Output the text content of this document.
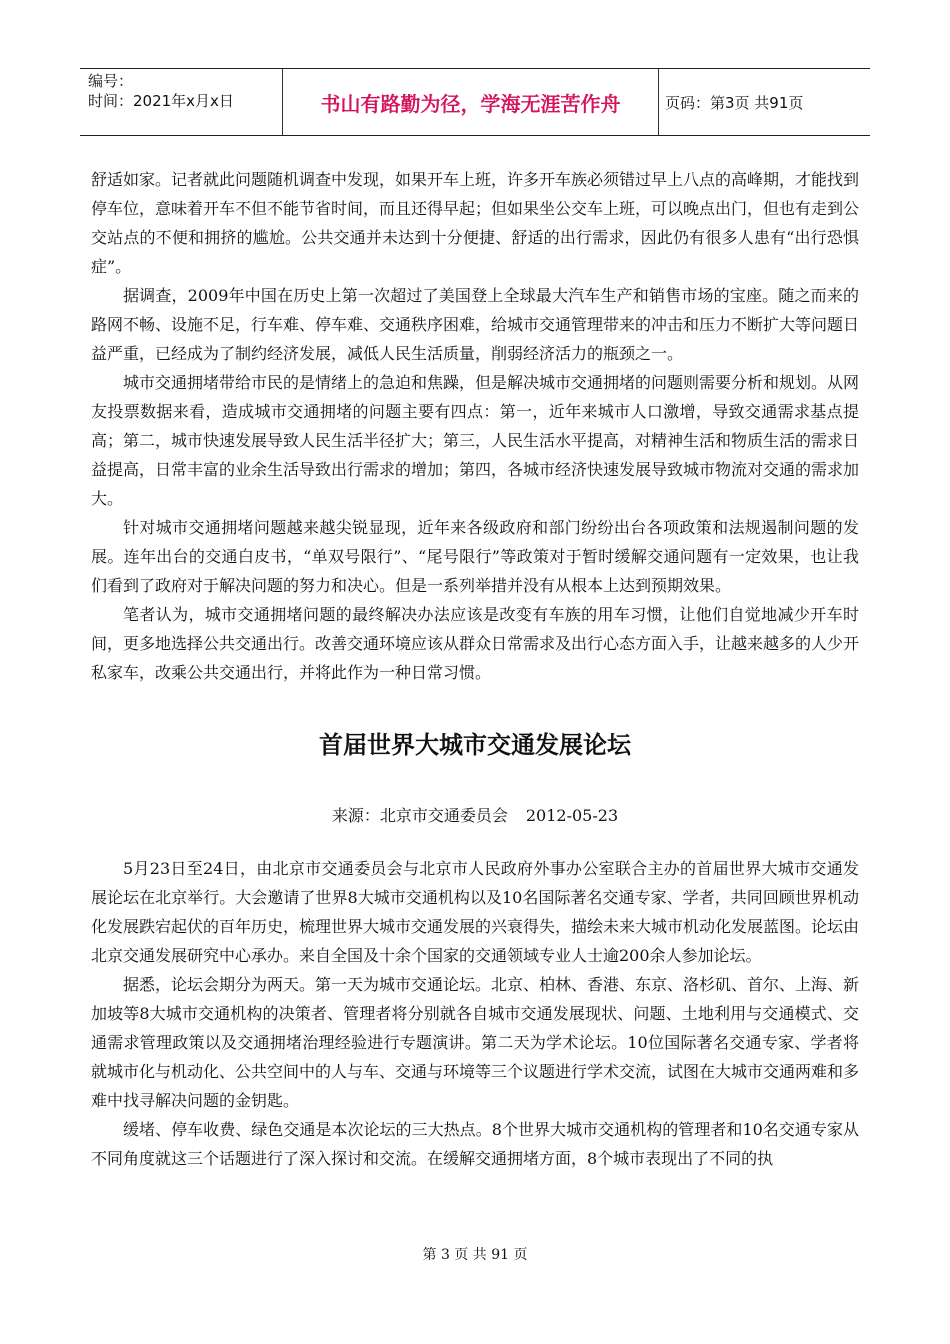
编号：
时间：2021年x月x日	书山有路勤为径，学海无涯苦作舟	页码：第3页 共91页

舒适如家。记者就此问题随机调查中发现，如果开车上班，许多开车族必须错过早上八点的高峰期，才能找到停车位，意味着开车不但不能节省时间，而且还得早起；但如果坐公交车上班，可以晚点出门，但也有走到公交站点的不便和拥挤的尴尬。公共交通并未达到十分便捷、舒适的出行需求，因此仍有很多人患有“出行恐惧症”。

据调查，2009年中国在历史上第一次超过了美国登上全球最大汽车生产和销售市场的宝座。随之而来的路网不畅、设施不足，行车难、停车难、交通秩序困难，给城市交通管理带来的冲击和压力不断扩大等问题日益严重，已经成为了制约经济发展，减低人民生活质量，削弱经济活力的瓶颈之一。

城市交通拥堵带给市民的是情绪上的急迫和焦躁，但是解决城市交通拥堵的问题则需要分析和规划。从网友投票数据来看，造成城市交通拥堵的问题主要有四点：第一，近年来城市人口激增，导致交通需求基点提高；第二，城市快速发展导致人民生活半径扩大；第三，人民生活水平提高，对精神生活和物质生活的需求日益提高，日常丰富的业余生活导致出行需求的增加；第四，各城市经济快速发展导致城市物流对交通的需求加大。

针对城市交通拥堵问题越来越尖锐显现，近年来各级政府和部门纷纷出台各项政策和法规遏制问题的发展。连年出台的交通白皮书，“单双号限行”、“尾号限行”等政策对于暂时缓解交通问题有一定效果，也让我们看到了政府对于解决问题的努力和决心。但是一系列举措并没有从根本上达到预期效果。

笔者认为，城市交通拥堵问题的最终解决办法应该是改变有车族的用车习惯，让他们自觉地减少开车时间，更多地选择公共交通出行。改善交通环境应该从群众日常需求及出行心态方面入手，让越来越多的人少开私家车，改乘公共交通出行，并将此作为一种日常习惯。

首届世界大城市交通发展论坛

来源：北京市交通委员会 2012-05-23

5月23日至24日，由北京市交通委员会与北京市人民政府外事办公室联合主办的首届世界大城市交通发展论坛在北京举行。大会邀请了世界8大城市交通机构以及10名国际著名交通专家、学者，共同回顾世界机动化发展跌宕起伏的百年历史，梳理世界大城市交通发展的兴衰得失，描绘未来大城市机动化发展蓝图。论坛由北京交通发展研究中心承办。来自全国及十余个国家的交通领域专业人士逾200余人参加论坛。

据悉，论坛会期分为两天。第一天为城市交通论坛。北京、柏林、香港、东京、洛杉矶、首尔、上海、新加坡等8大城市交通机构的决策者、管理者将分别就各自城市交通发展现状、问题、土地利用与交通模式、交通需求管理政策以及交通拥堵治理经验进行专题演讲。第二天为学术论坛。10位国际著名交通专家、学者将就城市化与机动化、公共空间中的人与车、交通与环境等三个议题进行学术交流，试图在大城市交通两难和多难中找寻解决问题的金钥匙。

缓堵、停车收费、绿色交通是本次论坛的三大热点。8个世界大城市交通机构的管理者和10名交通专家从不同角度就这三个话题进行了深入探讨和交流。在缓解交通拥堵方面，8个城市表现出了不同的执

第 3 页 共 91 页
